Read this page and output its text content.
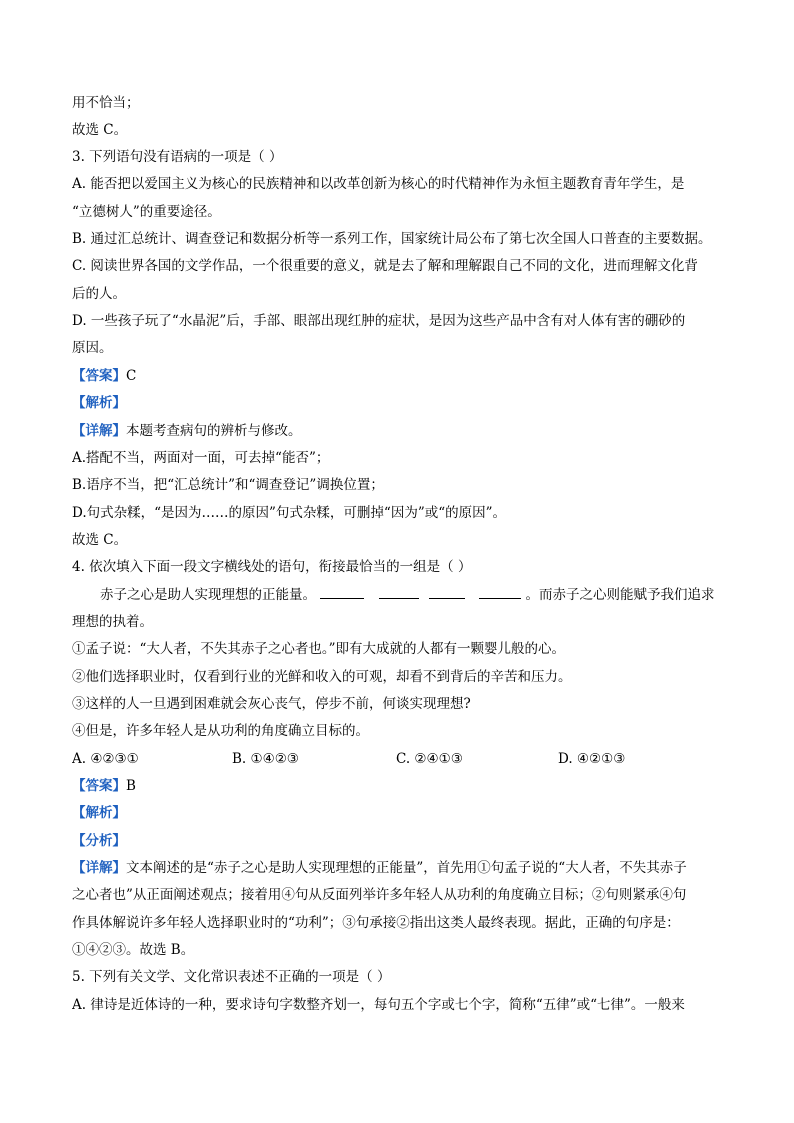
用不恰当；
故选 C。
3. 下列语句没有语病的一项是（ ）
A. 能否把以爱国主义为核心的民族精神和以改革创新为核心的时代精神作为永恒主题教育青年学生，是
“立德树人”的重要途径。
B. 通过汇总统计、调查登记和数据分析等一系列工作，国家统计局公布了第七次全国人口普查的主要数据。
C. 阅读世界各国的文学作品，一个很重要的意义，就是去了解和理解跟自己不同的文化，进而理解文化背
后的人。
D. 一些孩子玩了“水晶泥”后，手部、眼部出现红肿的症状，是因为这些产品中含有对人体有害的硼砂的
原因。
【答案】C
【解析】
【详解】本题考查病句的辨析与修改。
A.搭配不当，两面对一面，可去掉“能否”；
B.语序不当，把“汇总统计”和“调查登记”调换位置；
D.句式杂糅，“是因为……的原因”句式杂糅，可删掉“因为”或“的原因”。
故选 C。
4. 依次填入下面一段文字横线处的语句，衔接最恰当的一组是（ ）
赤子之心是助人实现理想的正能量。	。而赤子之心则能赋予我们追求
理想的执着。
①孟子说：“大人者，不失其赤子之心者也。”即有大成就的人都有一颗婴儿般的心。
②他们选择职业时，仅看到行业的光鲜和收入的可观，却看不到背后的辛苦和压力。
③这样的人一旦遇到困难就会灰心丧气，停步不前，何谈实现理想?
④但是，许多年轻人是从功利的角度确立目标的。
A. ④②③①	B. ①④②③	C. ②④①③	D. ④②①③
【答案】B
【解析】
【分析】
【详解】文本阐述的是“赤子之心是助人实现理想的正能量”，首先用①句孟子说的“大人者，不失其赤子
之心者也”从正面阐述观点；接着用④句从反面列举许多年轻人从功利的角度确立目标；②句则紧承④句
作具体解说许多年轻人选择职业时的“功利”；③句承接②指出这类人最终表现。据此，正确的句序是：
①④②③。故选 B。
5. 下列有关文学、文化常识表述不正确的一项是（ ）
A. 律诗是近体诗的一种，要求诗句字数整齐划一，每句五个字或七个字，简称“五律”或“七律”。一般来
